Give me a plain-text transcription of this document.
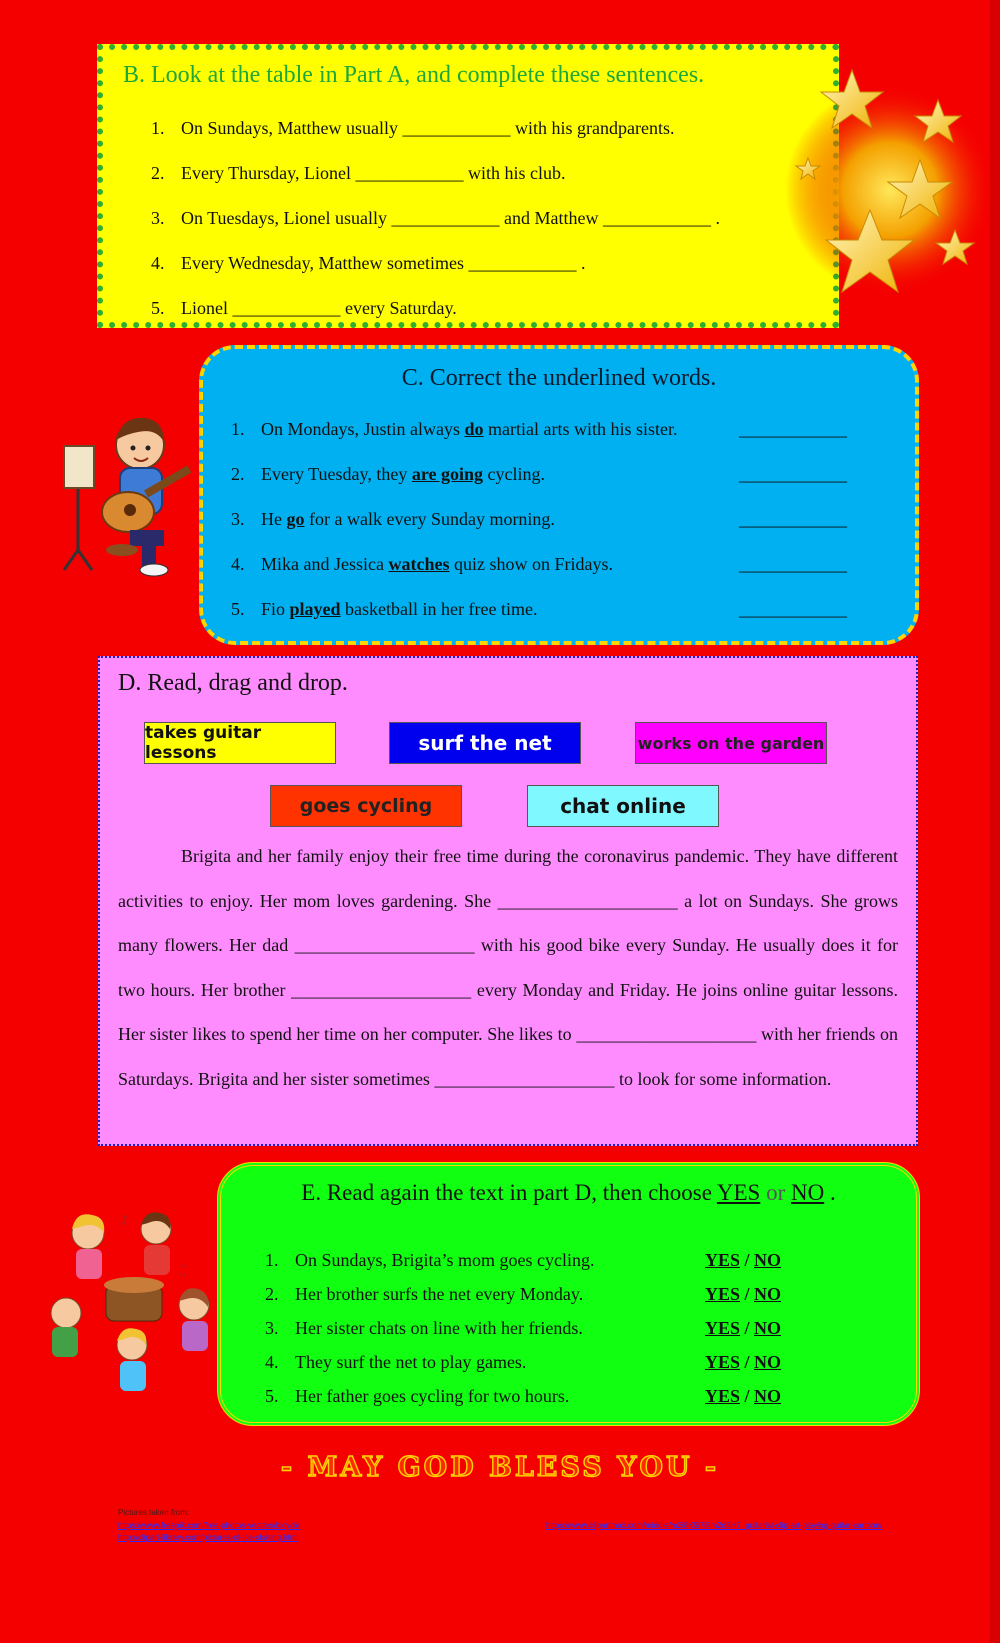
B. Look at the table in Part A, and complete these sentences.
1. On Sundays, Matthew usually ____________ with his grandparents.
2. Every Thursday, Lionel ____________ with his club.
3. On Tuesdays, Lionel usually ____________ and Matthew ____________ .
4. Every Wednesday, Matthew sometimes ____________ .
5. Lionel ____________ every Saturday.
C. Correct the underlined words.
1. On Mondays, Justin always do martial arts with his sister.	____________
2. Every Tuesday, they are going cycling.	____________
3. He go for a walk every Sunday morning.	____________
4. Mika and Jessica watches quiz show on Fridays.	____________
5. Fio played basketball in her free time.	____________
D. Read, drag and drop.
takes guitar lessons	surf the net	works on the garden
goes cycling	chat online

    Brigita and her family enjoy their free time during the coronavirus pandemic. They have different activities to enjoy. Her mom loves gardening. She ____________________ a lot on Sundays. She grows many flowers. Her dad ____________________ with his good bike every Sunday. He usually does it for two hours. Her brother ____________________ every Monday and Friday. He joins online guitar lessons. Her sister likes to spend her time on her computer. She likes to ____________________ with her friends on Saturdays. Brigita and her sister sometimes ____________________ to look for some information.

♪
♫
E. Read again the text in part D, then choose YES or NO .
1. On Sundays, Brigita’s mom goes cycling.	YES / NO
2. Her brother surfs the net every Monday.	YES / NO
3. Her sister chats on line with her friends.	YES / NO
4. They surf the net to play games.	YES / NO
5. Her father goes cycling for two hours.	YES / NO
- MAY GOD BLESS YOU -
Pictures taken from:
https://www.freepik.com/free-photos-vectors/bicycle
http://clipart-library.com/pictures-of-ice-skating.html
https://www.clipartmax.com/middle/m2i8K9i7i5m2d3H7_guitarist-clip-art-playing-guitar-cartoon/
